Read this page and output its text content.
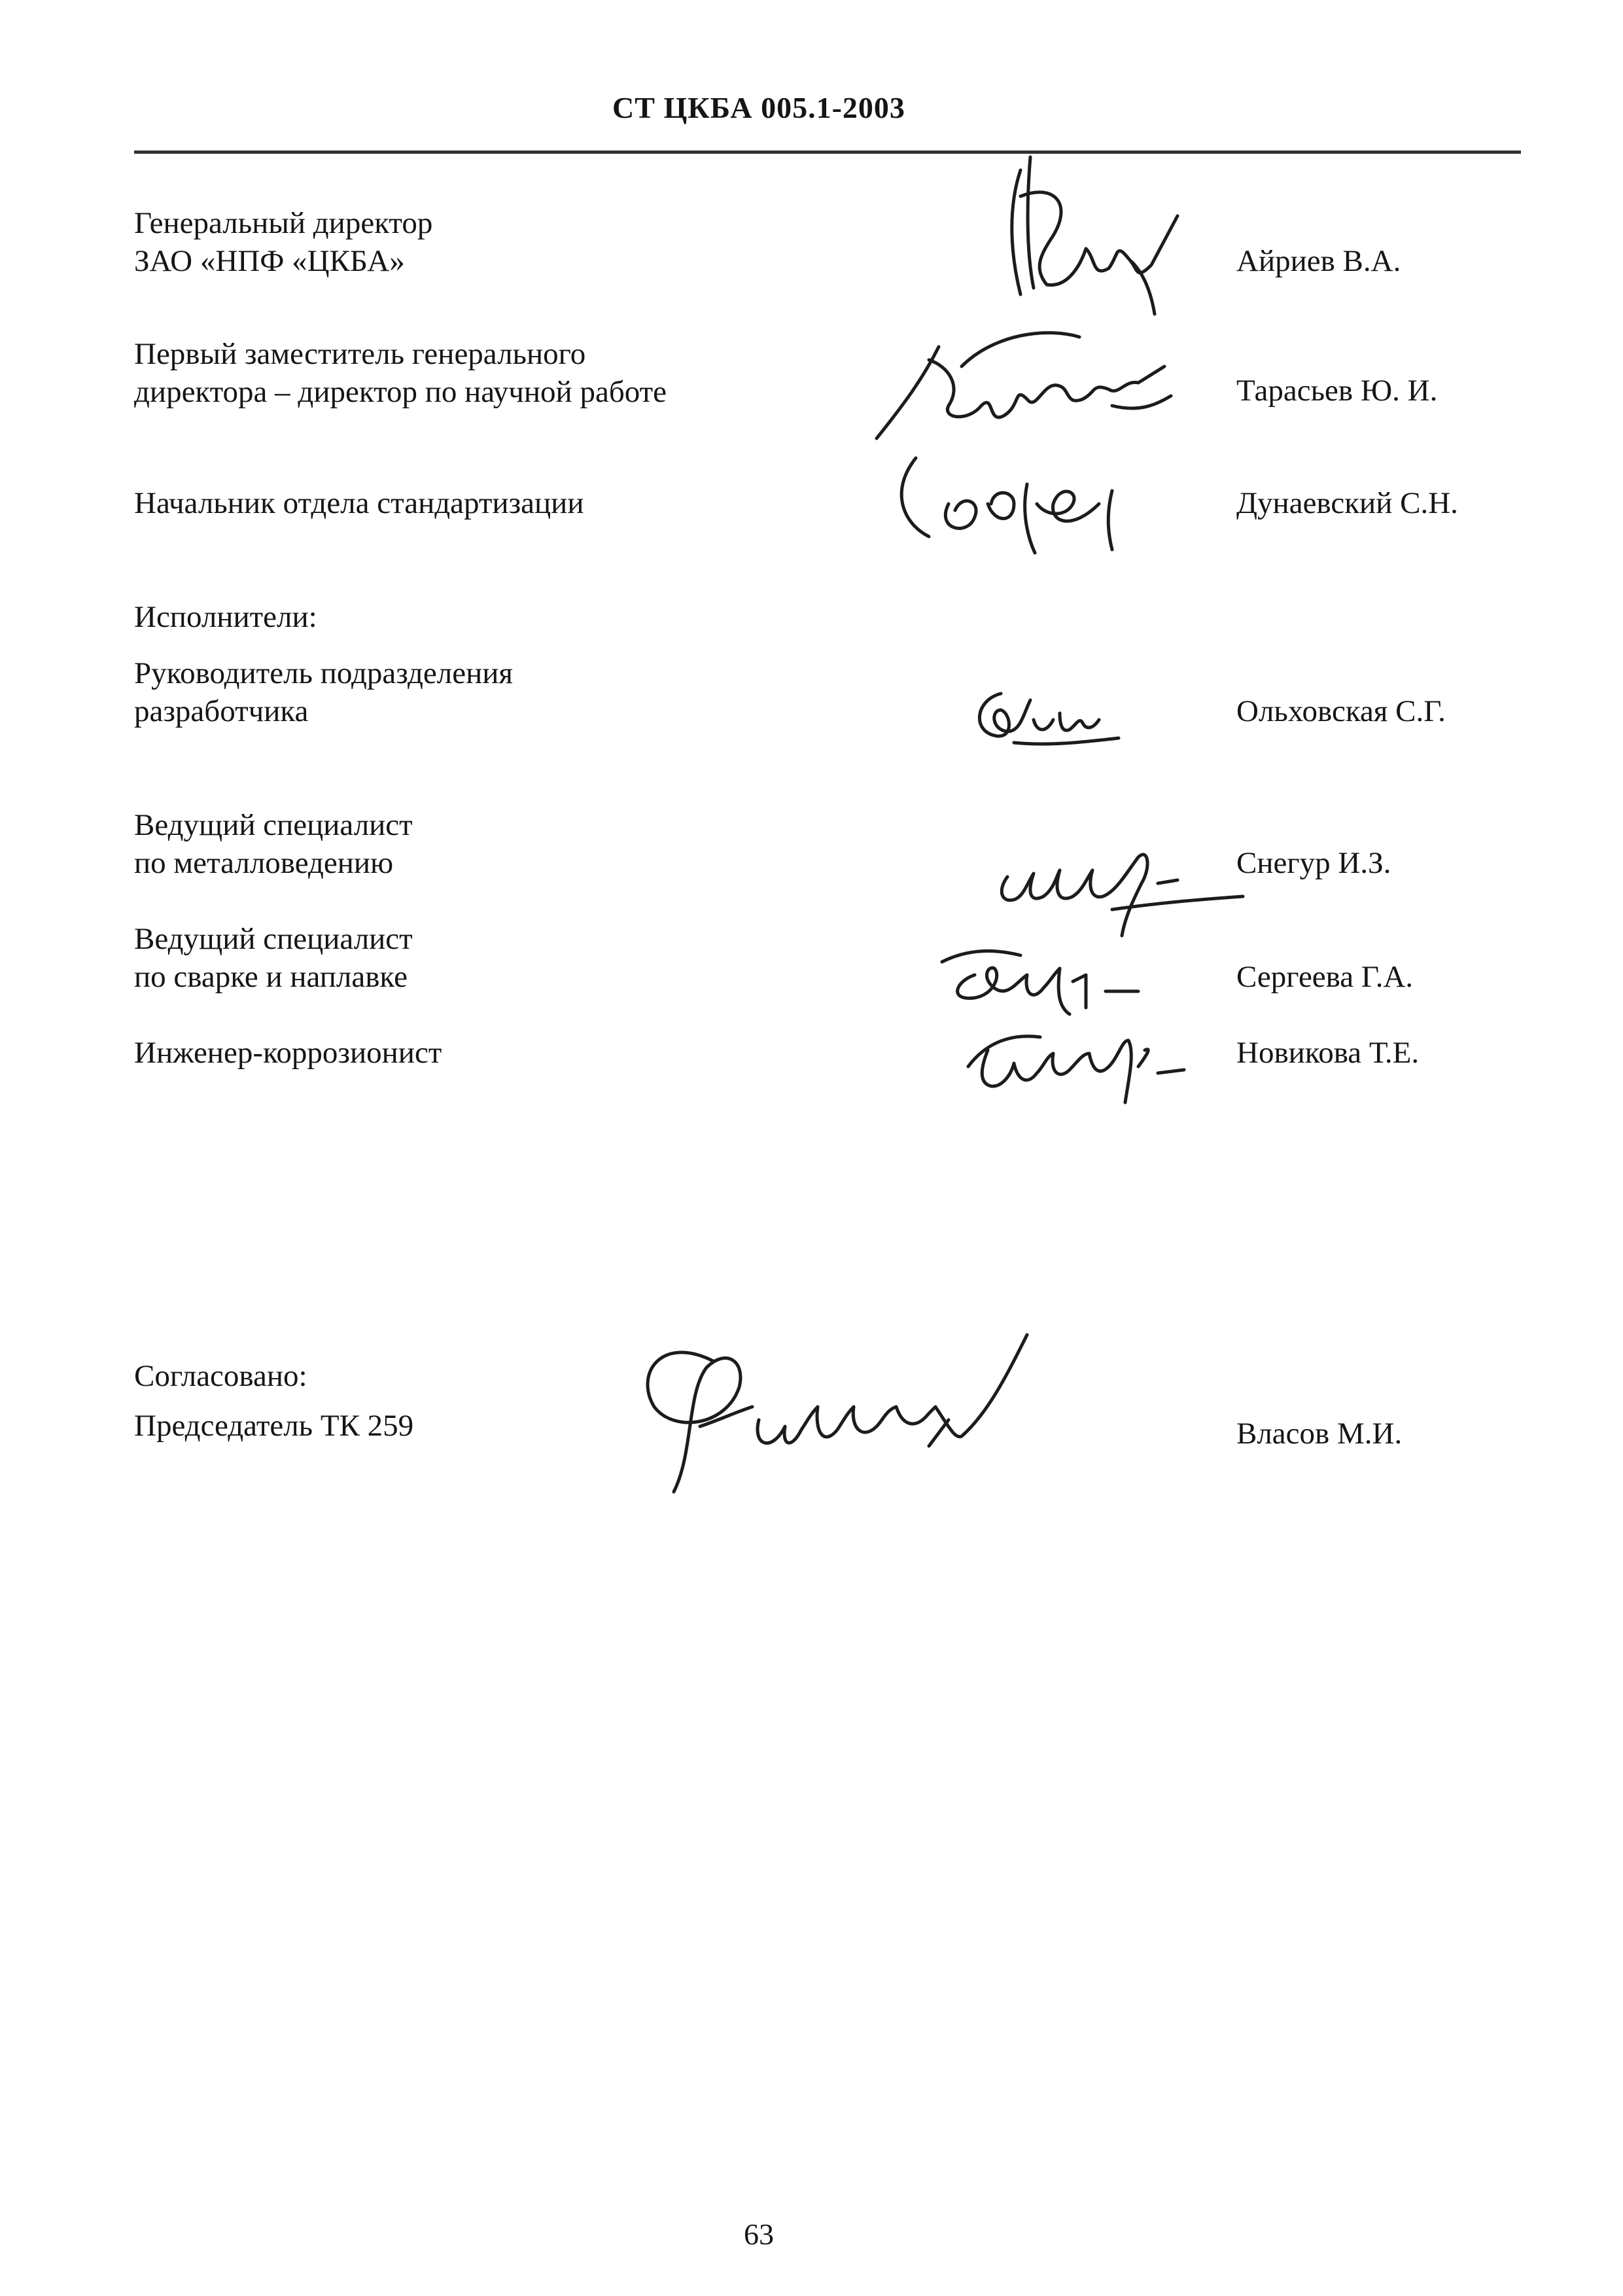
СТ ЦКБА 005.1-2003
Генеральный директор
ЗАО «НПФ «ЦКБА»	Айриев В.А.
Первый заместитель генерального
директора – директор по научной работе	Тарасьев Ю. И.
Начальник отдела стандартизации	Дунаевский С.Н.
Исполнители:
Руководитель подразделения
разработчика	Ольховская С.Г.
Ведущий специалист
по металловедению	Снегур И.З.
Ведущий специалист
по сварке и наплавке	Сергеева Г.А.
Инженер-коррозионист	Новикова Т.Е.
Согласовано:
Председатель ТК 259	Власов М.И.
63
